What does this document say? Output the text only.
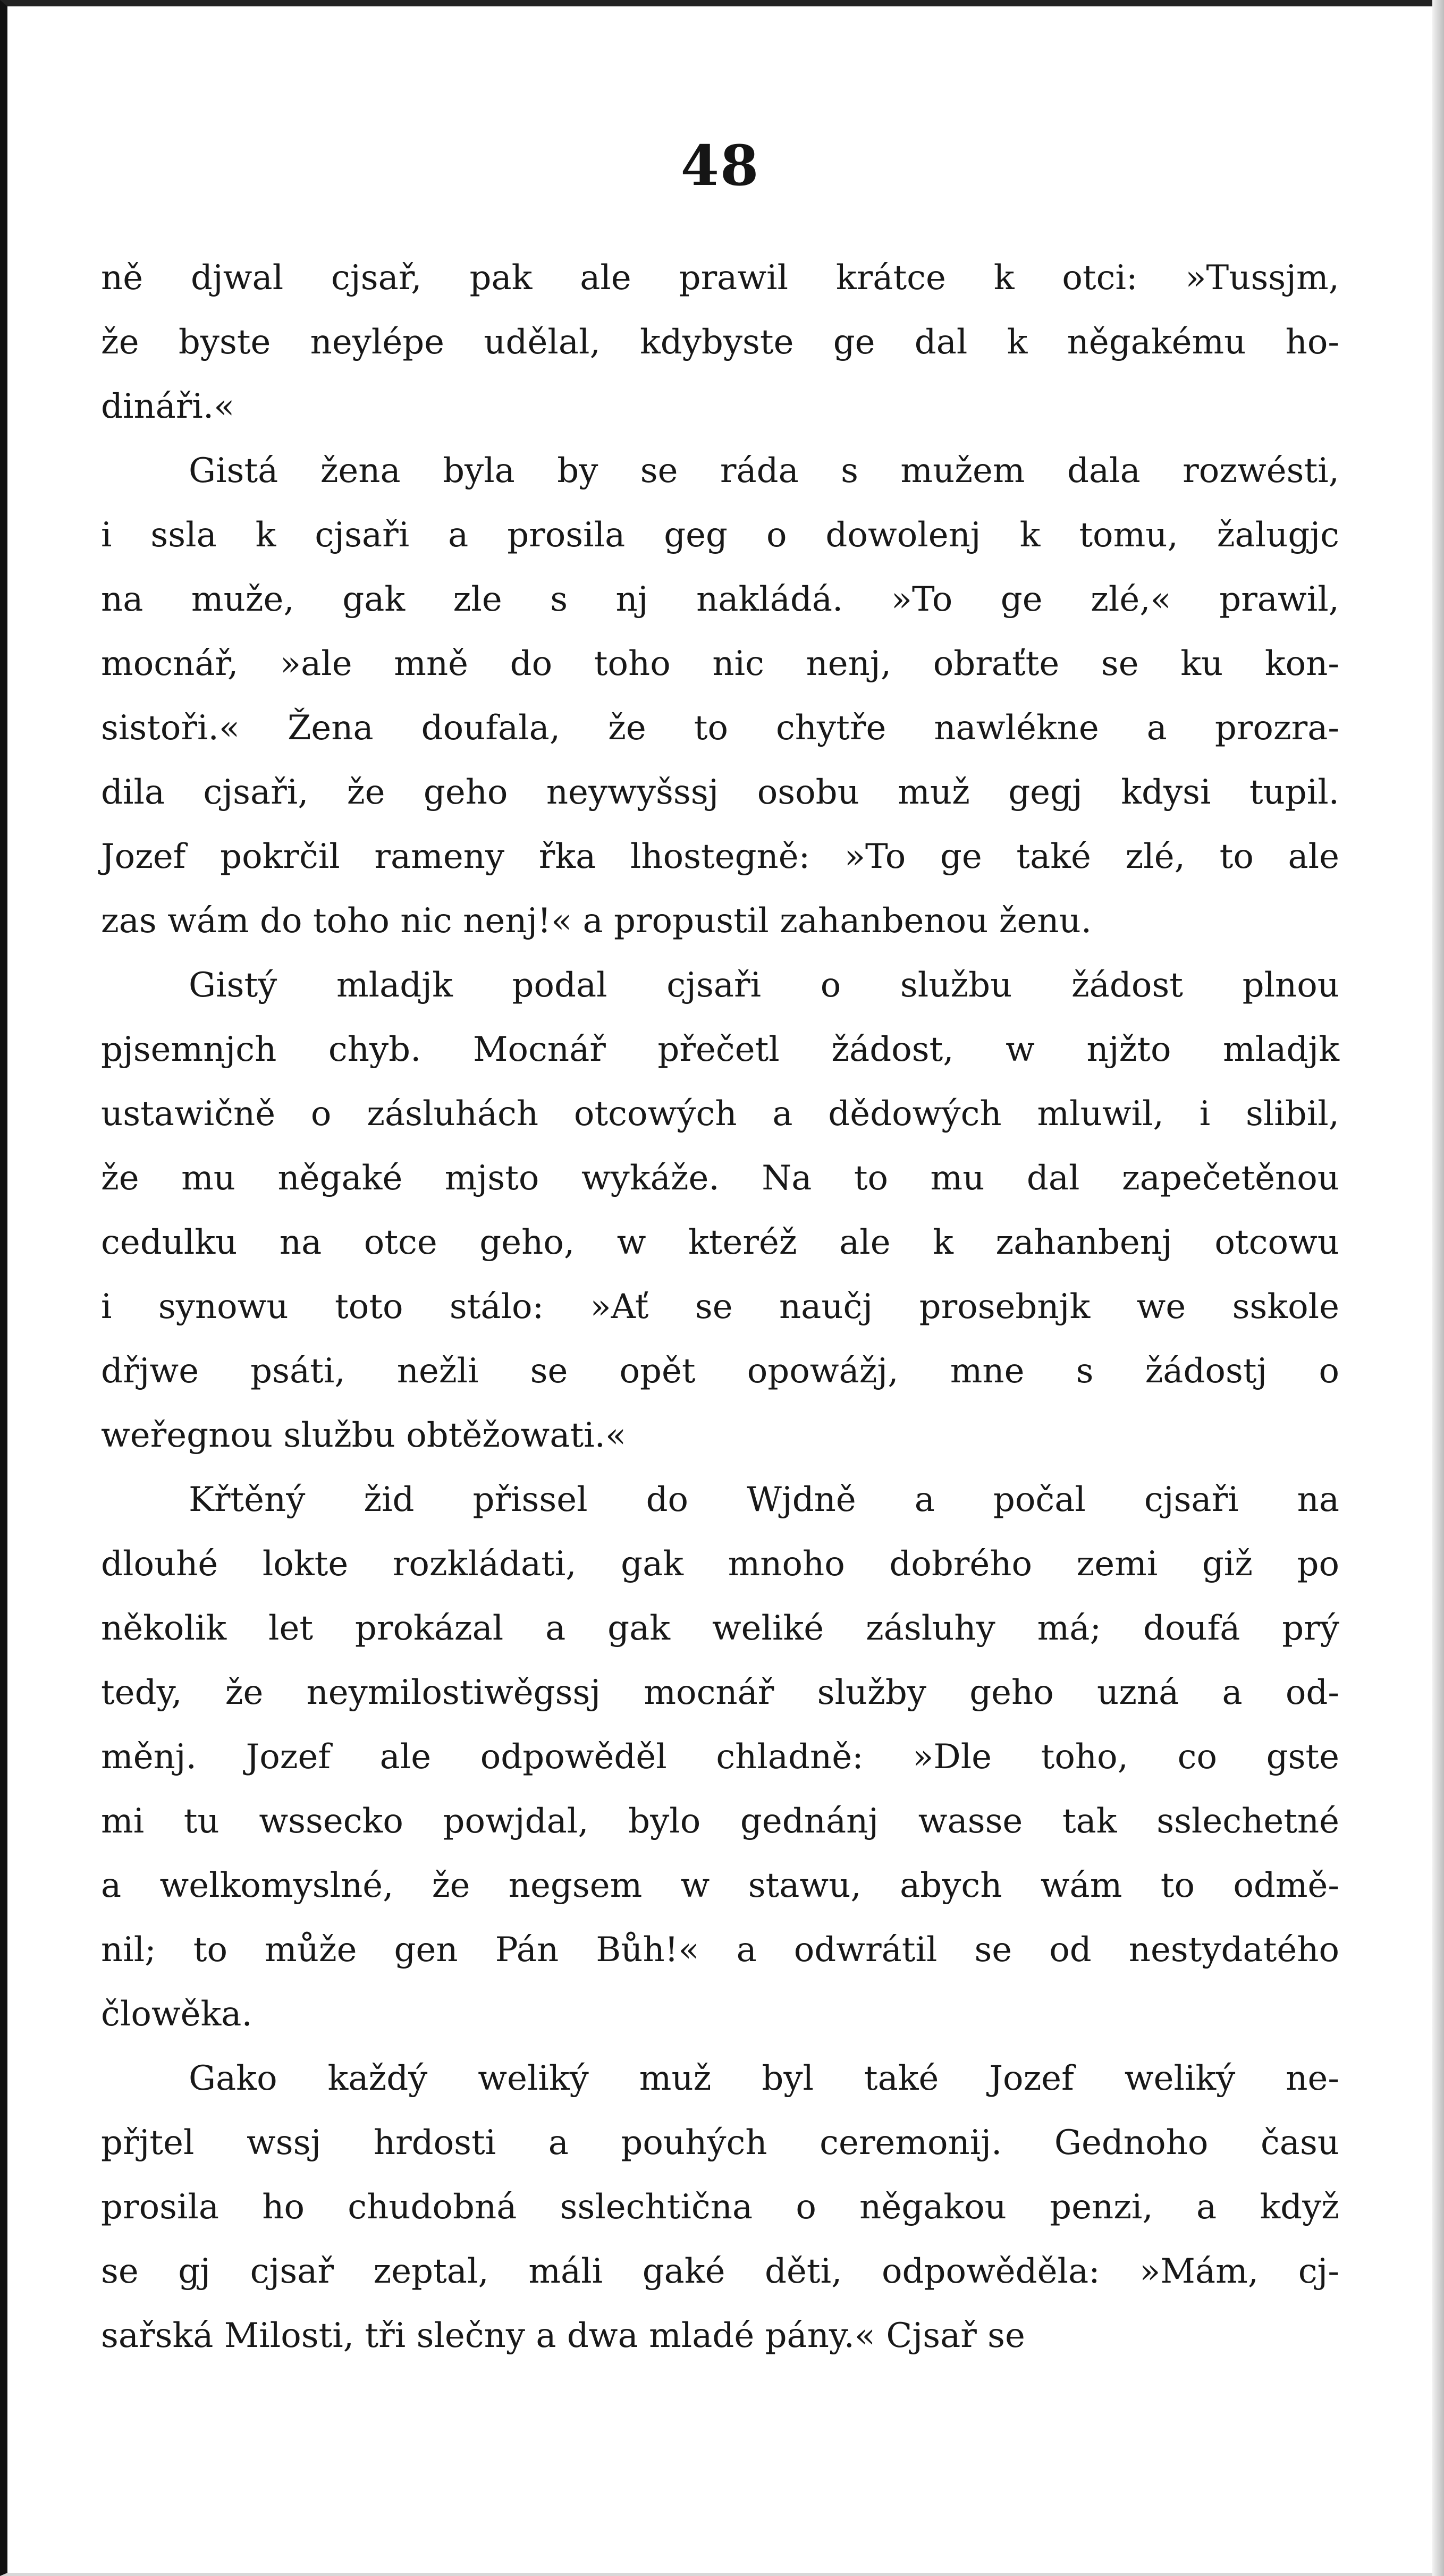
48
ně djwal cjsař, pak ale prawil krátce k otci: »Tussjm,
že byste neylépe udělal, kdybyste ge dal k něgakému ho-
dináři.«
Gistá žena byla by se ráda s mužem dala rozwésti,
i ssla k cjsaři a prosila geg o dowolenj k tomu, žalugjc
na muže, gak zle s nj nakládá. »To ge zlé,« prawil,
mocnář, »ale mně do toho nic nenj, obraťte se ku kon-
sistoři.« Žena doufala, že to chytře nawlékne a prozra-
dila cjsaři, že geho neywyšssj osobu muž gegj kdysi tupil.
Jozef pokrčil rameny řka lhostegně: »To ge také zlé, to ale
zas wám do toho nic nenj!« a propustil zahanbenou ženu.
Gistý mladjk podal cjsaři o službu žádost plnou
pjsemnjch chyb. Mocnář přečetl žádost, w njžto mladjk
ustawičně o zásluhách otcowých a dědowých mluwil, i slibil,
že mu něgaké mjsto wykáže. Na to mu dal zapečetěnou
cedulku na otce geho, w kteréž ale k zahanbenj otcowu
i synowu toto stálo: »Ať se naučj prosebnjk we sskole
dřjwe psáti, nežli se opět opowážj, mne s žádostj o
weřegnou službu obtěžowati.«
Křtěný žid přissel do Wjdně a počal cjsaři na
dlouhé lokte rozkládati, gak mnoho dobrého zemi giž po
několik let prokázal a gak weliké zásluhy má; doufá prý
tedy, že neymilostiwěgssj mocnář služby geho uzná a od-
měnj. Jozef ale odpowěděl chladně: »Dle toho, co gste
mi tu wssecko powjdal, bylo gednánj wasse tak sslechetné
a welkomyslné, že negsem w stawu, abych wám to odmě-
nil; to může gen Pán Bůh!« a odwrátil se od nestydatého
člowěka.
Gako každý weliký muž byl také Jozef weliký ne-
přjtel wssj hrdosti a pouhých ceremonij. Gednoho času
prosila ho chudobná sslechtična o něgakou penzi, a když
se gj cjsař zeptal, máli gaké děti, odpowěděla: »Mám, cj-
sařská Milosti, tři slečny a dwa mladé pány.« Cjsař se
